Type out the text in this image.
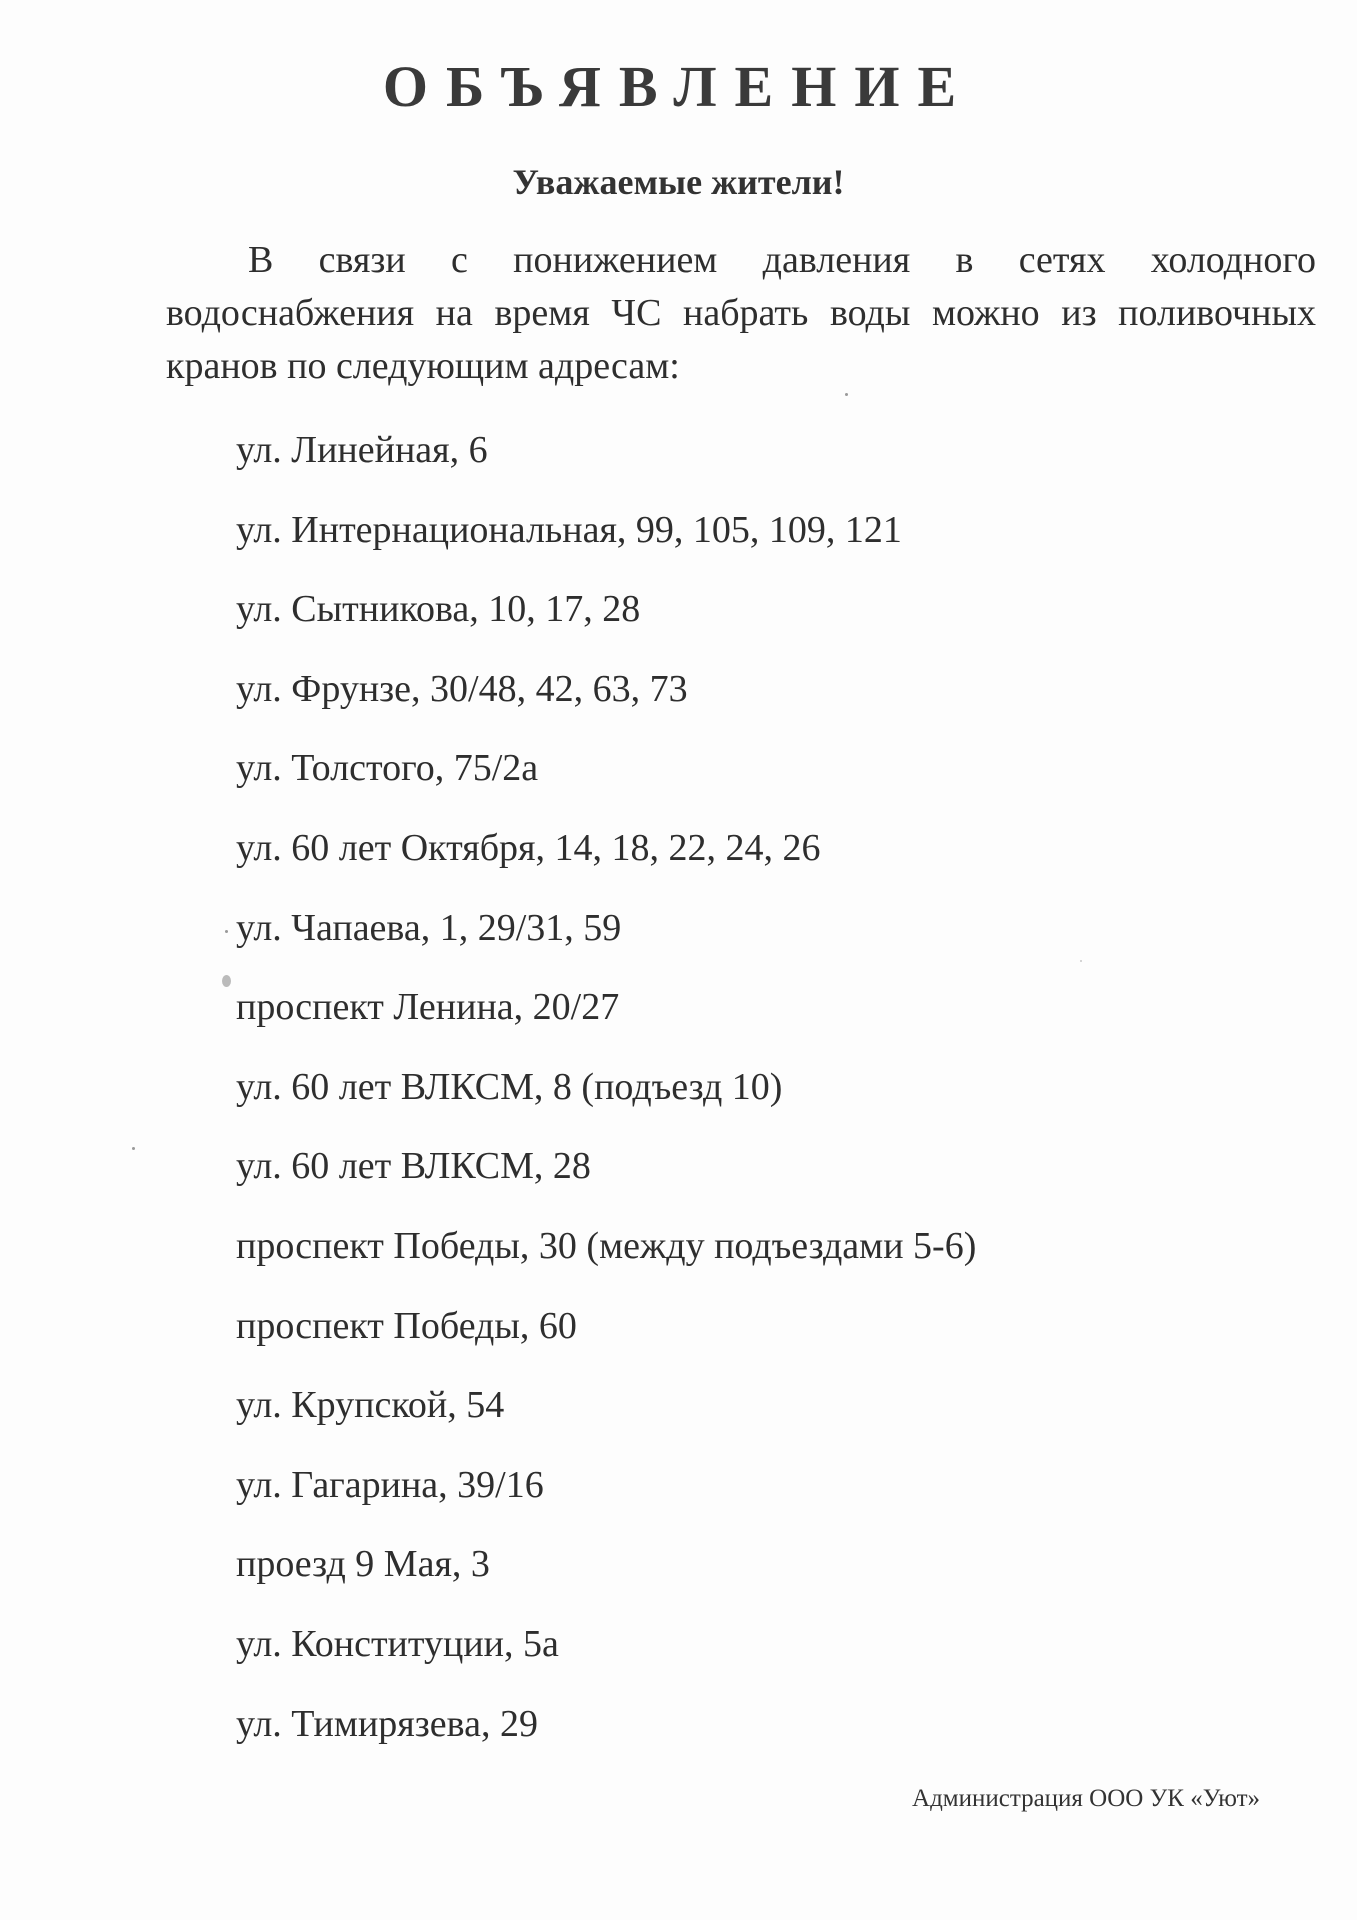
ОБЪЯВЛЕНИЕ
Уважаемые жители!
В связи с понижением давления в сетях холодного водоснабжения на время ЧС набрать воды можно из поливочных кранов по следующим адресам:
ул. Линейная, 6
ул. Интернациональная, 99, 105, 109, 121
ул. Сытникова, 10, 17, 28
ул. Фрунзе, 30/48, 42, 63, 73
ул. Толстого, 75/2а
ул. 60 лет Октября, 14, 18, 22, 24, 26
ул. Чапаева, 1, 29/31, 59
проспект Ленина, 20/27
ул. 60 лет ВЛКСМ, 8 (подъезд 10)
ул. 60 лет ВЛКСМ, 28
проспект Победы, 30 (между подъездами 5-6)
проспект Победы, 60
ул. Крупской, 54
ул. Гагарина, 39/16
проезд 9 Мая, 3
ул. Конституции, 5а
ул. Тимирязева, 29
Администрация ООО УК «Уют»
